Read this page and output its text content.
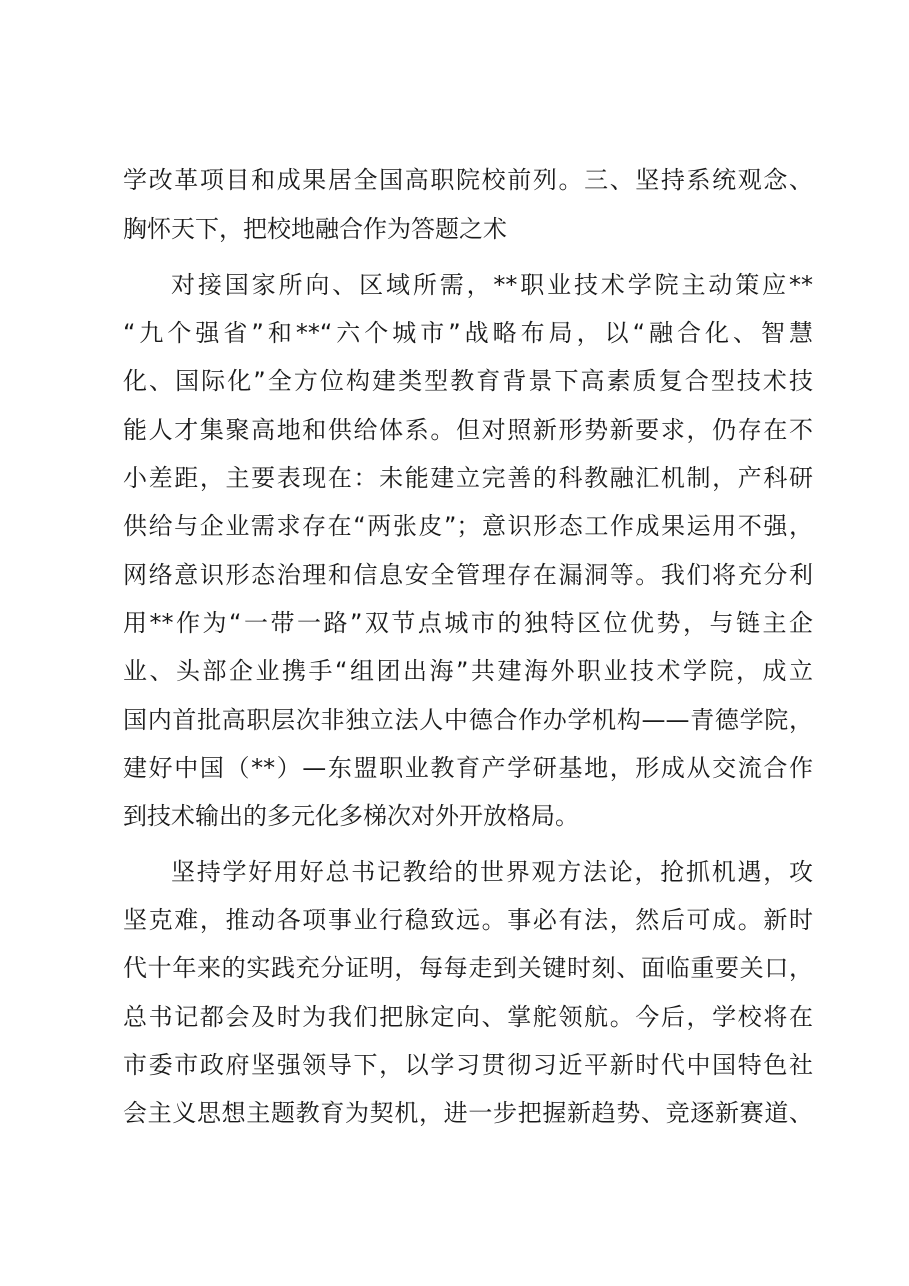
学改革项目和成果居全国高职院校前列。三、坚持系统观念、
胸怀天下，把校地融合作为答题之术
对接国家所向、区域所需，**职业技术学院主动策应**
“九个强省”和**“六个城市”战略布局，以“融合化、智慧
化、国际化”全方位构建类型教育背景下高素质复合型技术技
能人才集聚高地和供给体系。但对照新形势新要求，仍存在不
小差距，主要表现在：未能建立完善的科教融汇机制，产科研
供给与企业需求存在“两张皮”；意识形态工作成果运用不强，
网络意识形态治理和信息安全管理存在漏洞等。我们将充分利
用**作为“一带一路”双节点城市的独特区位优势，与链主企
业、头部企业携手“组团出海”共建海外职业技术学院，成立
国内首批高职层次非独立法人中德合作办学机构——青德学院，
建好中国（**）—东盟职业教育产学研基地，形成从交流合作
到技术输出的多元化多梯次对外开放格局。
坚持学好用好总书记教给的世界观方法论，抢抓机遇，攻
坚克难，推动各项事业行稳致远。事必有法，然后可成。新时
代十年来的实践充分证明，每每走到关键时刻、面临重要关口，
总书记都会及时为我们把脉定向、掌舵领航。今后，学校将在
市委市政府坚强领导下，以学习贯彻习近平新时代中国特色社
会主义思想主题教育为契机，进一步把握新趋势、竞逐新赛道、
